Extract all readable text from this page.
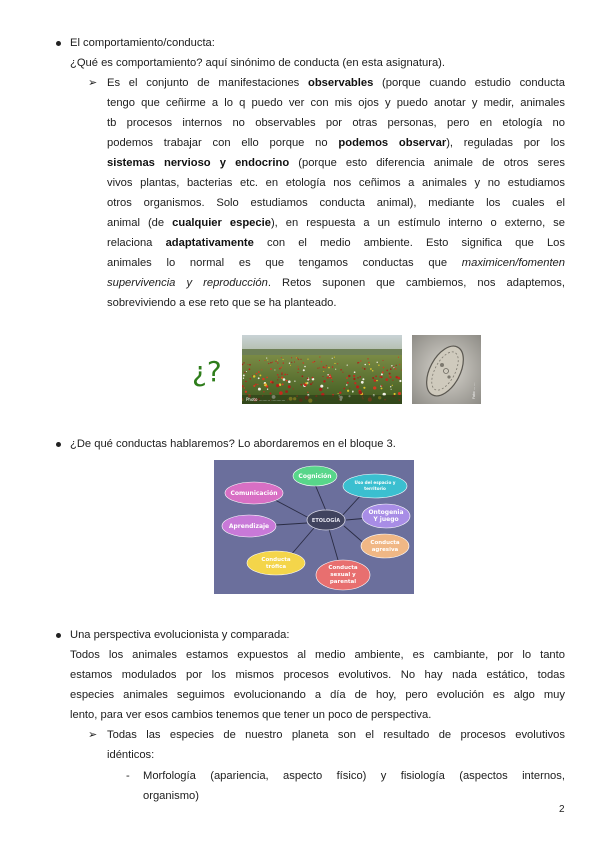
El comportamiento/conducta:
¿Qué es comportamiento? aquí sinónimo de conducta (en esta asignatura).
➢ Es el conjunto de manifestaciones observables (porque cuando estudio conducta
tengo que ceñirme a lo q puedo ver con mis ojos y puedo anotar y medir, animales
tb procesos internos no observables por otras personas, pero en etología no
podemos trabajar con ello porque no podemos observar), reguladas por los
sistemas nervioso y endocrino (porque esto diferencia animale de otros seres
vivos plantas, bacterias etc. en etología nos ceñimos a animales y no estudiamos
otros organismos. Solo estudiamos conducta animal), mediante los cuales el
animal (de cualquier especie), en respuesta a un estímulo interno o externo, se
relaciona adaptativamente con el medio ambiente. Esto significa que Los
animales lo normal es que tengamos conductas que maximicen/fomenten
supervivencia y reproducción. Retos suponen que cambiemos, nos adaptemos,
sobreviviendo a ese reto que se ha planteado.
¿?
Photo ......... ...........
Foto ... ...
¿De qué conductas hablaremos? Lo abordaremos en el bloque 3.
ETOLOGÍA
Cognición
Comunicación
Uso del espacio y
territorio
Ontogenia
Y juego
Aprendizaje
Conducta
agresiva
Conducta
trófica	Conducta
sexual y
parental
Una perspectiva evolucionista y comparada:
Todos los animales estamos expuestos al medio ambiente, es cambiante, por lo tanto
estamos modulados por los mismos procesos evolutivos. No hay nada estático, todas
especies animales seguimos evolucionando a día de hoy, pero evolución es algo muy
lento, para ver esos cambios tenemos que tener un poco de perspectiva.
➢ Todas las especies de nuestro planeta son el resultado de procesos evolutivos
idénticos:
- Morfología (apariencia, aspecto físico) y fisiología (aspectos internos,
organismo)
2
